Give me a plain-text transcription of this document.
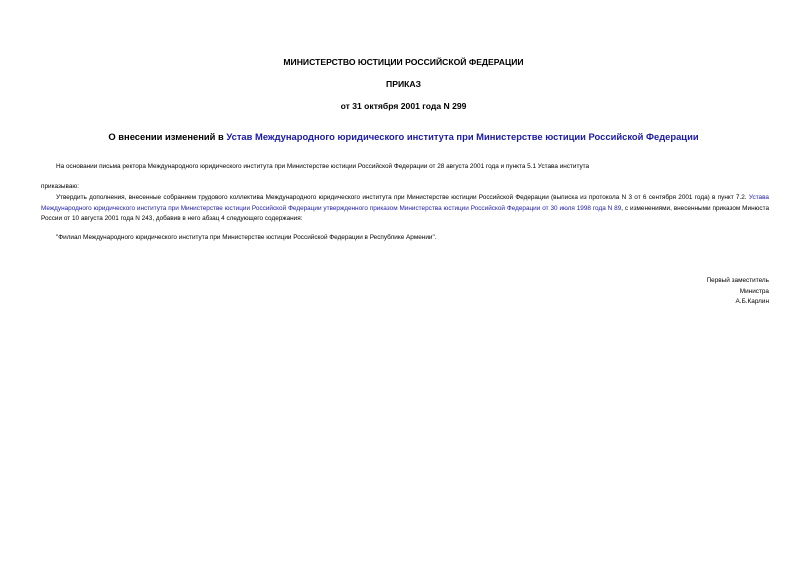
МИНИСТЕРСТВО ЮСТИЦИИ РОССИЙСКОЙ ФЕДЕРАЦИИ
ПРИКАЗ
от 31 октября 2001 года N 299
О внесении изменений в Устав Международного юридического института при Министерстве юстиции Российской Федерации
На основании письма ректора Международного юридического института при Министерстве юстиции Российской Федерации от 28 августа 2001 года и пункта 5.1 Устава института
приказываю:
Утвердить дополнения, внесенные собранием трудового коллектива Международного юридического института при Министерстве юстиции Российской Федерации (выписка из протокола N 3 от 6 сентября 2001 года) в пункт 7.2. Устава Международного юридического института при Министерстве юстиции Российской Федерации утвержденного приказом Министерства юстиции Российской Федерации от 30 июля 1998 года N 89, с изменениями, внесенными приказом Минюста России от 10 августа 2001 года N 243, добавив в него абзац 4 следующего содержания:
"Филиал Международного юридического института при Министерстве юстиции Российской Федерации в Республике Армении".
Первый заместитель
Министра
А.Б.Карлин
